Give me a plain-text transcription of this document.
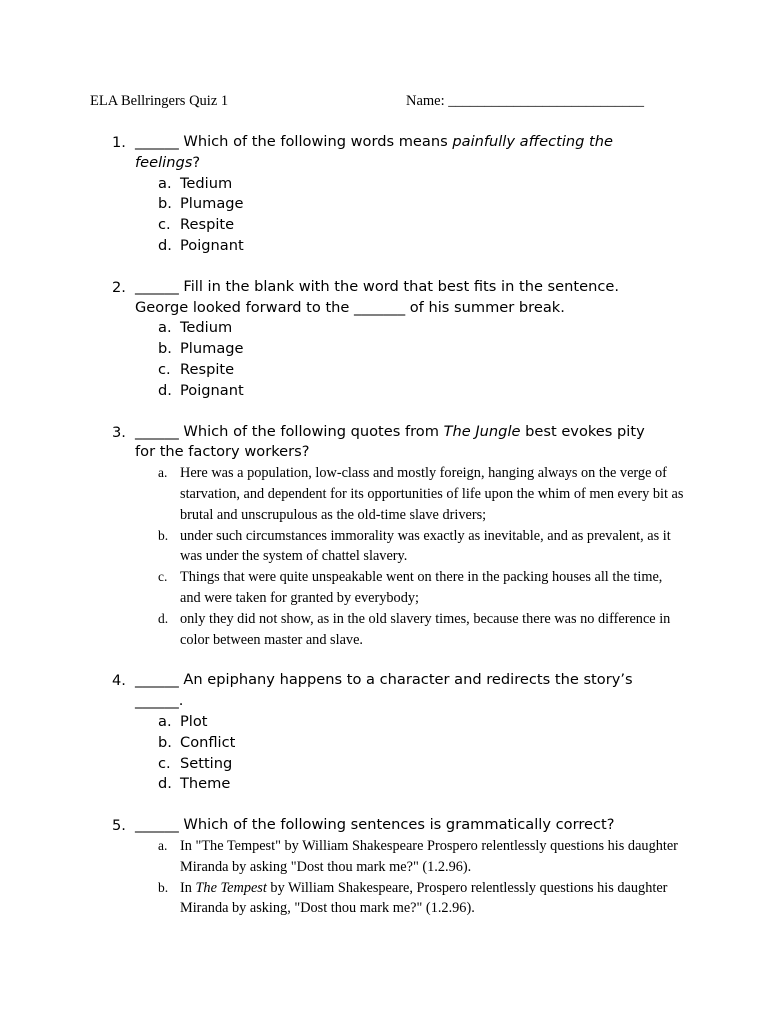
ELA Bellringers Quiz 1	Name: ___________________________
1. ______ Which of the following words means painfully affecting the feelings?
a. Tedium
b. Plumage
c. Respite
d. Poignant
2. ______ Fill in the blank with the word that best fits in the sentence. George looked forward to the _______ of his summer break.
a. Tedium
b. Plumage
c. Respite
d. Poignant
3. ______ Which of the following quotes from The Jungle best evokes pity for the factory workers?
a. Here was a population, low-class and mostly foreign, hanging always on the verge of starvation, and dependent for its opportunities of life upon the whim of men every bit as brutal and unscrupulous as the old-time slave drivers;
b. under such circumstances immorality was exactly as inevitable, and as prevalent, as it was under the system of chattel slavery.
c. Things that were quite unspeakable went on there in the packing houses all the time, and were taken for granted by everybody;
d. only they did not show, as in the old slavery times, because there was no difference in color between master and slave.
4. ______ An epiphany happens to a character and redirects the story’s ______.
a. Plot
b. Conflict
c. Setting
d. Theme
5. ______ Which of the following sentences is grammatically correct?
a. In "The Tempest" by William Shakespeare Prospero relentlessly questions his daughter Miranda by asking "Dost thou mark me?" (1.2.96).
b. In The Tempest by William Shakespeare, Prospero relentlessly questions his daughter Miranda by asking, "Dost thou mark me?" (1.2.96).
